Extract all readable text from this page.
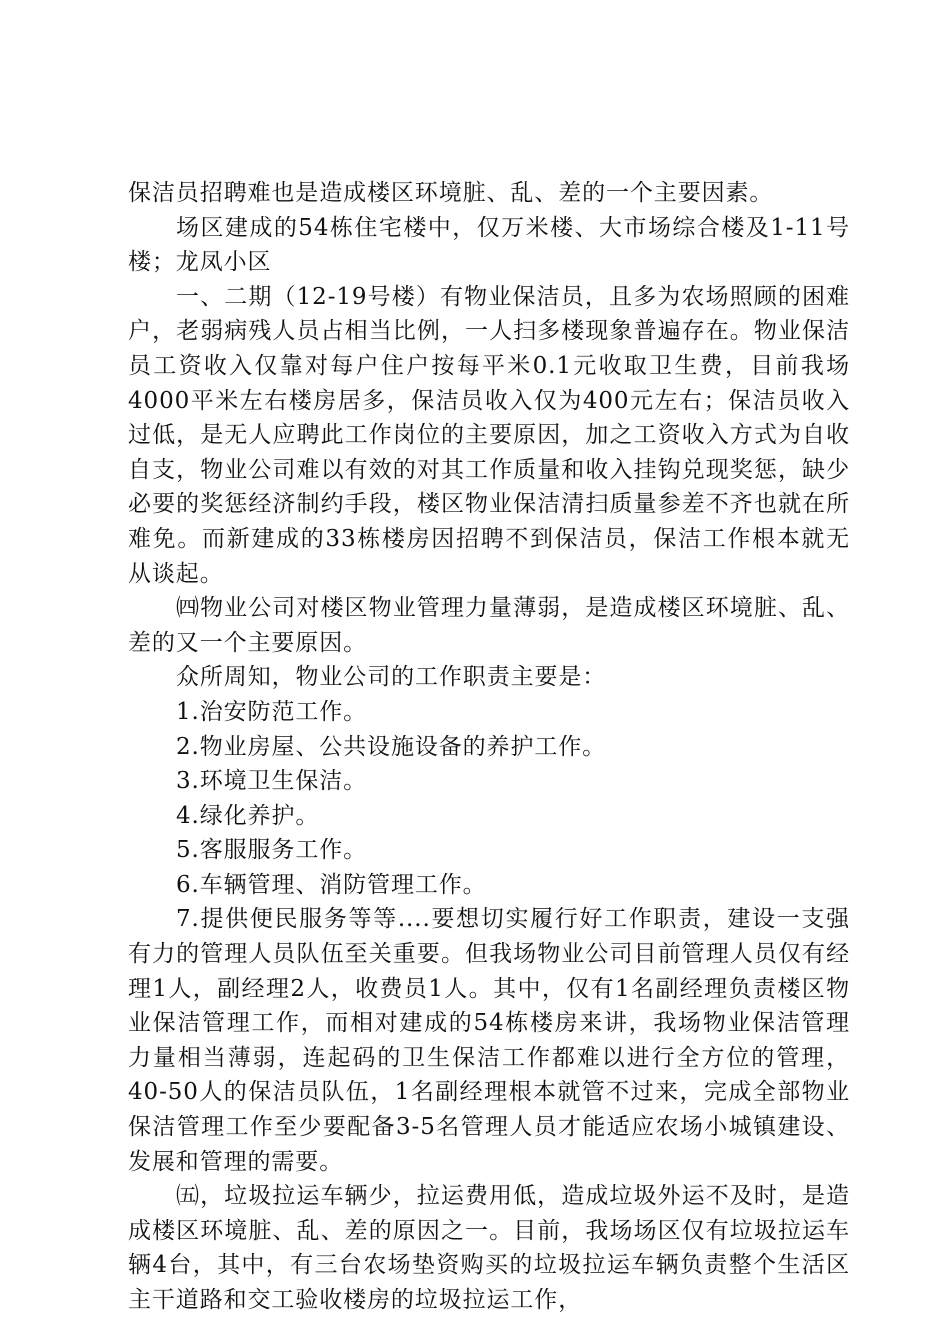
保洁员招聘难也是造成楼区环境脏、乱、差的一个主要因素。

场区建成的54栋住宅楼中，仅万米楼、大市场综合楼及1-11号楼；龙凤小区

一、二期（12-19号楼）有物业保洁员，且多为农场照顾的困难户，老弱病残人员占相当比例，一人扫多楼现象普遍存在。物业保洁员工资收入仅靠对每户住户按每平米0.1元收取卫生费，目前我场4000平米左右楼房居多，保洁员收入仅为400元左右；保洁员收入过低，是无人应聘此工作岗位的主要原因，加之工资收入方式为自收自支，物业公司难以有效的对其工作质量和收入挂钩兑现奖惩，缺少必要的奖惩经济制约手段，楼区物业保洁清扫质量参差不齐也就在所难免。而新建成的33栋楼房因招聘不到保洁员，保洁工作根本就无从谈起。

㈣物业公司对楼区物业管理力量薄弱，是造成楼区环境脏、乱、差的又一个主要原因。

众所周知，物业公司的工作职责主要是：

1.治安防范工作。

2.物业房屋、公共设施设备的养护工作。

3.环境卫生保洁。

4.绿化养护。

5.客服服务工作。

6.车辆管理、消防管理工作。

7.提供便民服务等等....要想切实履行好工作职责，建设一支强有力的管理人员队伍至关重要。但我场物业公司目前管理人员仅有经理1人，副经理2人，收费员1人。其中，仅有1名副经理负责楼区物业保洁管理工作，而相对建成的54栋楼房来讲，我场物业保洁管理力量相当薄弱，连起码的卫生保洁工作都难以进行全方位的管理，40-50人的保洁员队伍，1名副经理根本就管不过来，完成全部物业保洁管理工作至少要配备3-5名管理人员才能适应农场小城镇建设、发展和管理的需要。

㈤，垃圾拉运车辆少，拉运费用低，造成垃圾外运不及时，是造成楼区环境脏、乱、差的原因之一。目前，我场场区仅有垃圾拉运车辆4台，其中，有三台农场垫资购买的垃圾拉运车辆负责整个生活区主干道路和交工验收楼房的垃圾拉运工作，
